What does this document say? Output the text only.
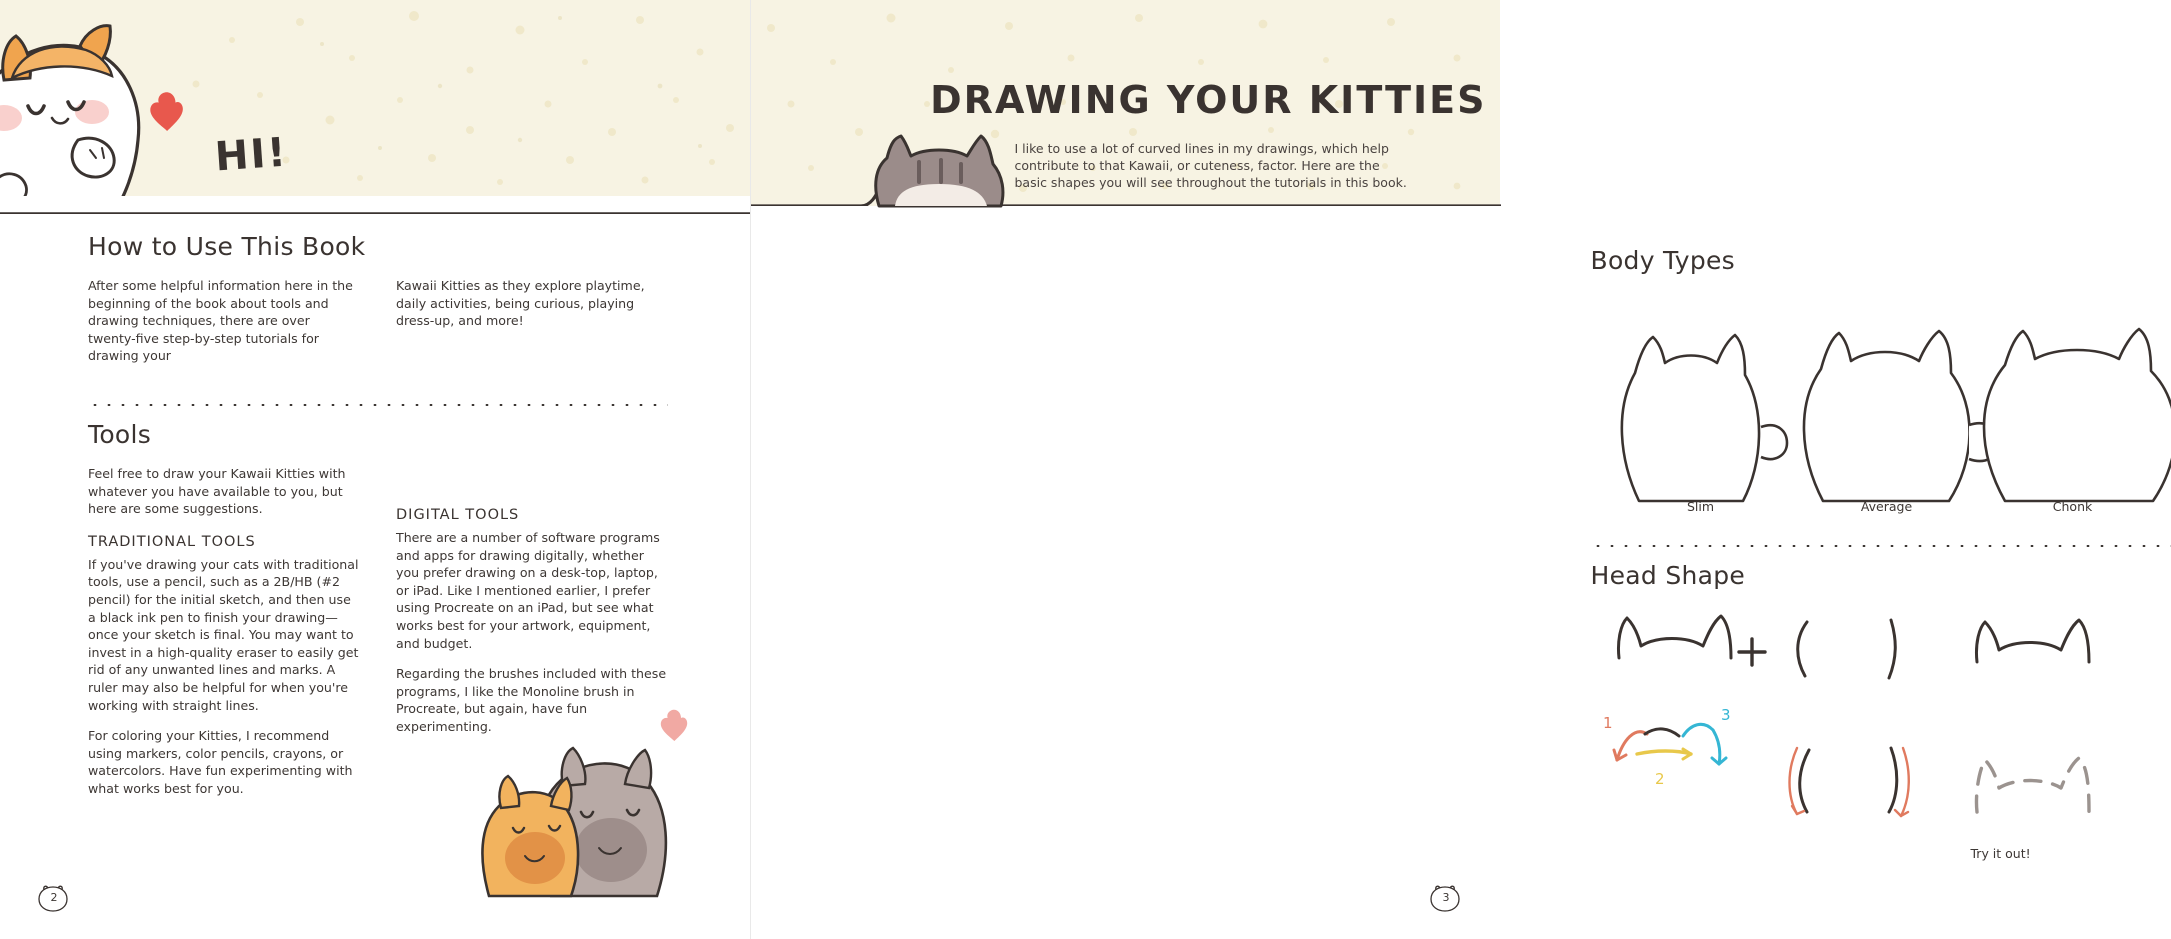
HI!
How to Use This Book

After some helpful information here in the beginning of the book about tools and drawing techniques, there are over twenty-five step-by-step tutorials for drawing your

Kawaii Kitties as they explore playtime, daily activities, being curious, playing dress-up, and more!

Tools

Feel free to draw your Kawaii Kitties with whatever you have available to you, but here are some suggestions.

TRADITIONAL TOOLS

If you've drawing your cats with traditional tools, use a pencil, such as a 2B/HB (#2 pencil) for the initial sketch, and then use a black ink pen to finish your drawing—once your sketch is final. You may want to invest in a high-quality eraser to easily get rid of any unwanted lines and marks. A ruler may also be helpful for when you're working with straight lines.

For coloring your Kitties, I recommend using markers, color pencils, crayons, or watercolors. Have fun experimenting with what works best for you.

DIGITAL TOOLS

There are a number of software programs and apps for drawing digitally, whether you prefer drawing on a desk-top, laptop, or iPad. Like I mentioned earlier, I prefer using Procreate on an iPad, but see what works best for your artwork, equipment, and budget.

Regarding the brushes included with these programs, I like the Monoline brush in Procreate, but again, have fun experimenting.

2
DRAWING YOUR KITTIES
I like to use a lot of curved lines in my drawings, which help contribute to that Kawaii, or cuteness, factor. Here are the basic shapes you will see throughout the tutorials in this book.
Body Types
Slim	Average	Chonk
Head Shape
1
2
3
Try it out!
3
